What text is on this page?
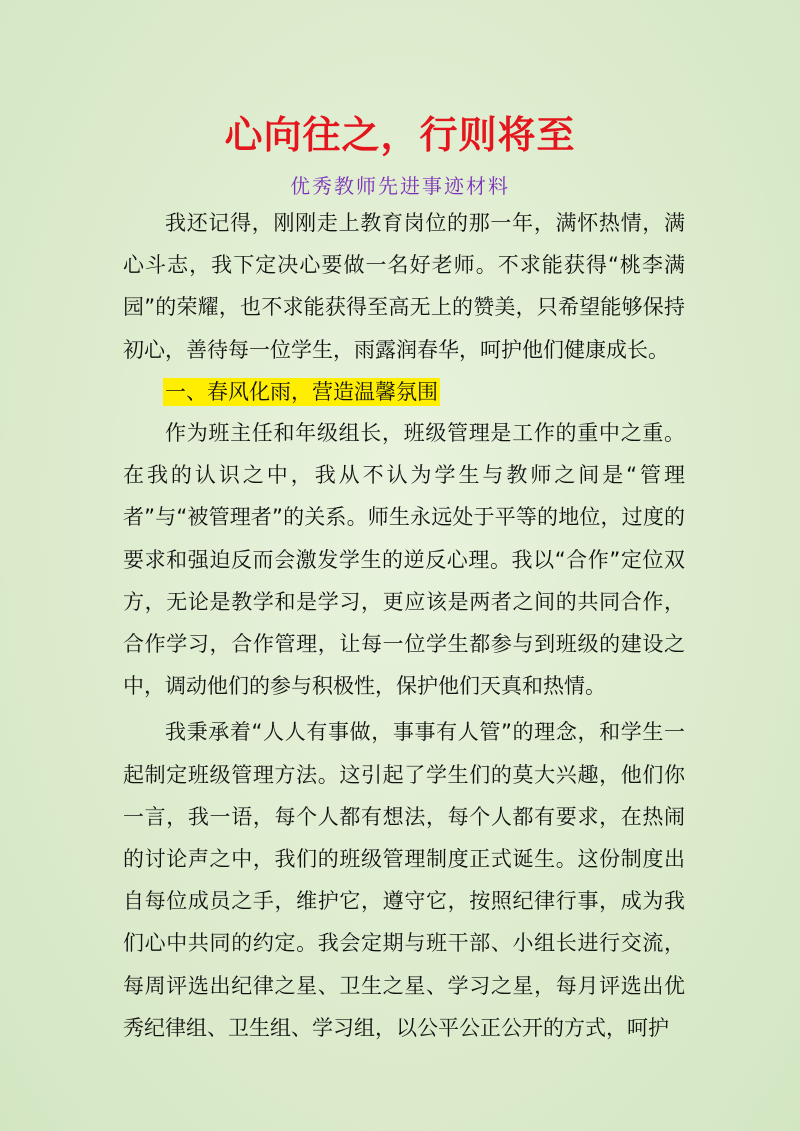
心向往之，行则将至
优秀教师先进事迹材料

我还记得，刚刚走上教育岗位的那一年，满怀热情，满心斗志，我下定决心要做一名好老师。不求能获得“桃李满园”的荣耀，也不求能获得至高无上的赞美，只希望能够保持初心，善待每一位学生，雨露润春华，呵护他们健康成长。

一、春风化雨，营造温馨氛围

作为班主任和年级组长，班级管理是工作的重中之重。在我的认识之中，我从不认为学生与教师之间是“管理者”与“被管理者”的关系。师生永远处于平等的地位，过度的要求和强迫反而会激发学生的逆反心理。我以“合作”定位双方，无论是教学和是学习，更应该是两者之间的共同合作，合作学习，合作管理，让每一位学生都参与到班级的建设之中，调动他们的参与积极性，保护他们天真和热情。

我秉承着“人人有事做，事事有人管”的理念，和学生一起制定班级管理方法。这引起了学生们的莫大兴趣，他们你一言，我一语，每个人都有想法，每个人都有要求，在热闹的讨论声之中，我们的班级管理制度正式诞生。这份制度出自每位成员之手，维护它，遵守它，按照纪律行事，成为我们心中共同的约定。我会定期与班干部、小组长进行交流，每周评选出纪律之星、卫生之星、学习之星，每月评选出优秀纪律组、卫生组、学习组，以公平公正公开的方式，呵护
